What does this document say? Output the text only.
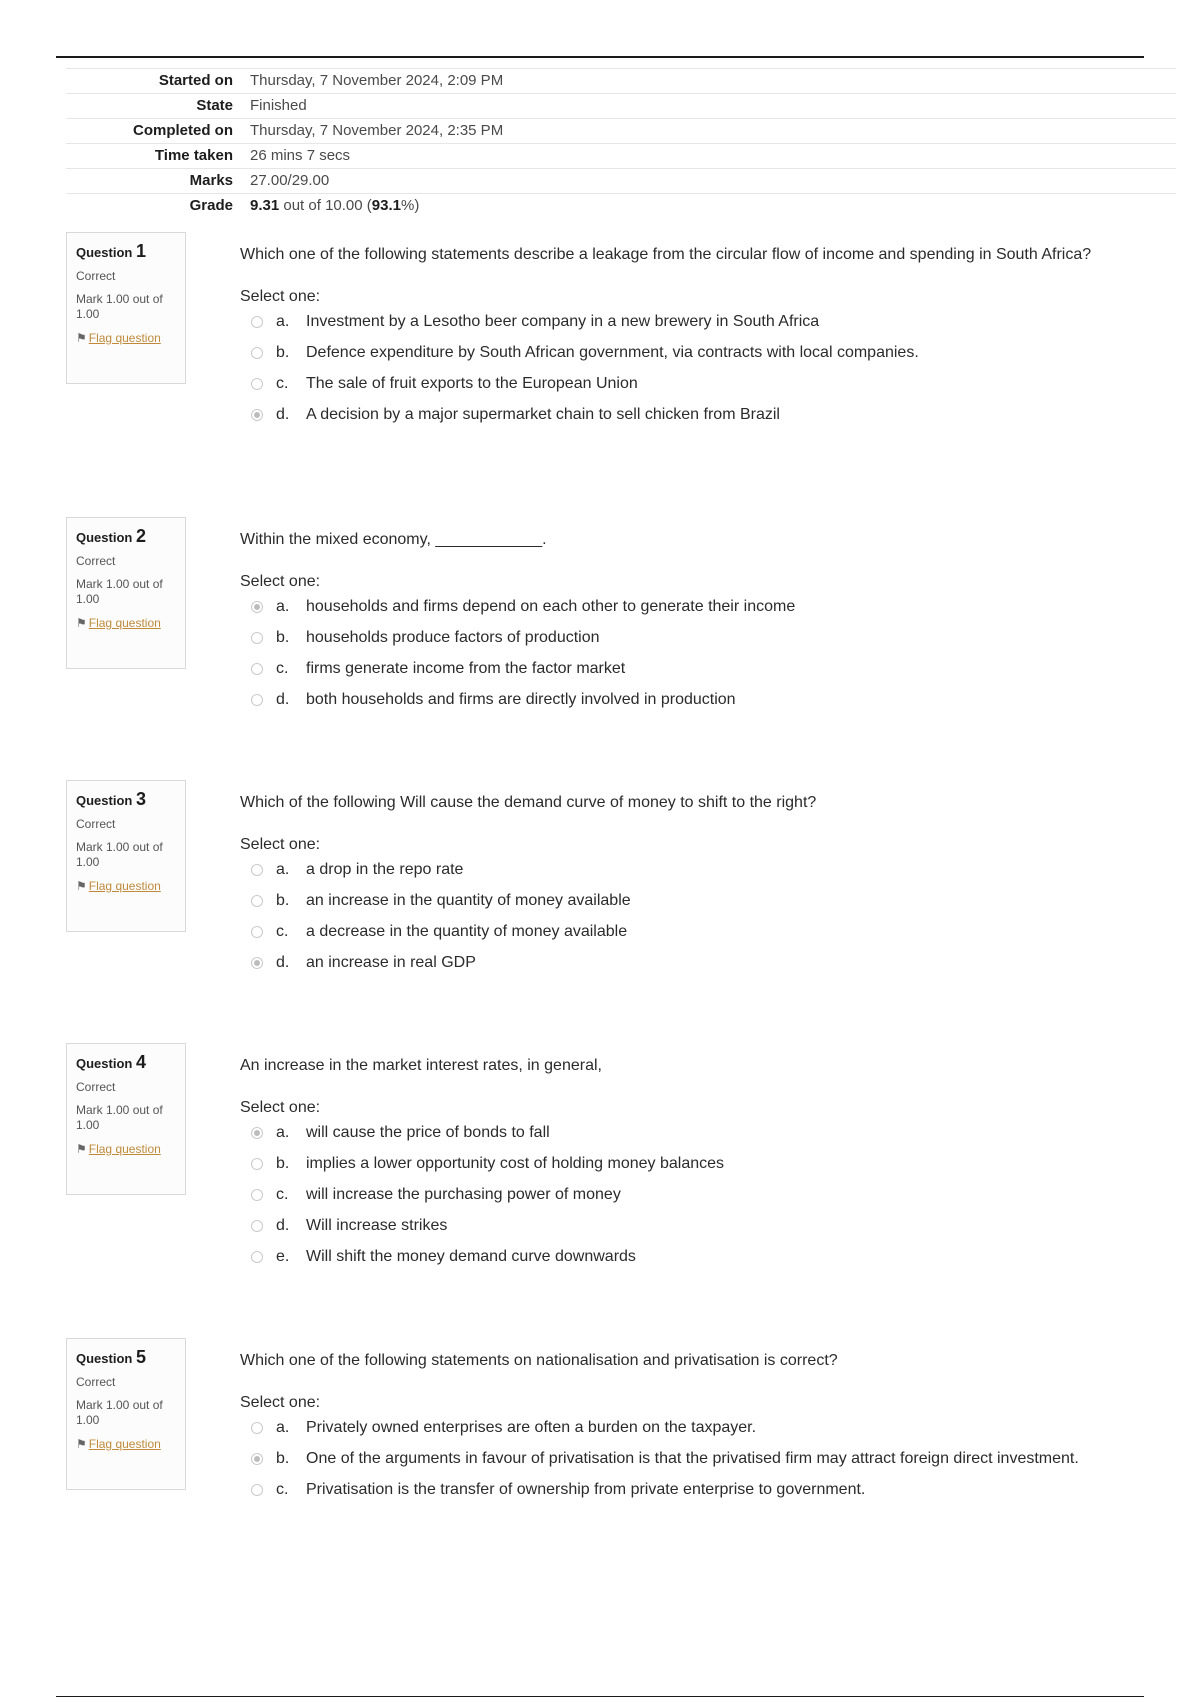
Started on	Thursday, 7 November 2024, 2:09 PM
State	Finished
Completed on	Thursday, 7 November 2024, 2:35 PM
Time taken	26 mins 7 secs
Marks	27.00/29.00
Grade	9.31 out of 10.00 (93.1%)
Question 1
Correct
Mark 1.00 out of 1.00
⚑ Flag question
Which one of the following statements describe a leakage from the circular flow of income and spending in South Africa?
Select one:
a. Investment by a Lesotho beer company in a new brewery in South Africa
b. Defence expenditure by South African government, via contracts with local companies.
c. The sale of fruit exports to the European Union
d. A decision by a major supermarket chain to sell chicken from Brazil
Question 2
Correct
Mark 1.00 out of 1.00
⚑ Flag question
Within the mixed economy, ____________.
Select one:
a. households and firms depend on each other to generate their income
b. households produce factors of production
c. firms generate income from the factor market
d. both households and firms are directly involved in production
Question 3
Correct
Mark 1.00 out of 1.00
⚑ Flag question
Which of the following Will cause the demand curve of money to shift to the right?
Select one:
a. a drop in the repo rate
b. an increase in the quantity of money available
c. a decrease in the quantity of money available
d. an increase in real GDP
Question 4
Correct
Mark 1.00 out of 1.00
⚑ Flag question
An increase in the market interest rates, in general,
Select one:
a. will cause the price of bonds to fall
b. implies a lower opportunity cost of holding money balances
c. will increase the purchasing power of money
d. Will increase strikes
e. Will shift the money demand curve downwards
Question 5
Correct
Mark 1.00 out of 1.00
⚑ Flag question
Which one of the following statements on nationalisation and privatisation is correct?
Select one:
a. Privately owned enterprises are often a burden on the taxpayer.
b. One of the arguments in favour of privatisation is that the privatised firm may attract foreign direct investment.
c. Privatisation is the transfer of ownership from private enterprise to government.
